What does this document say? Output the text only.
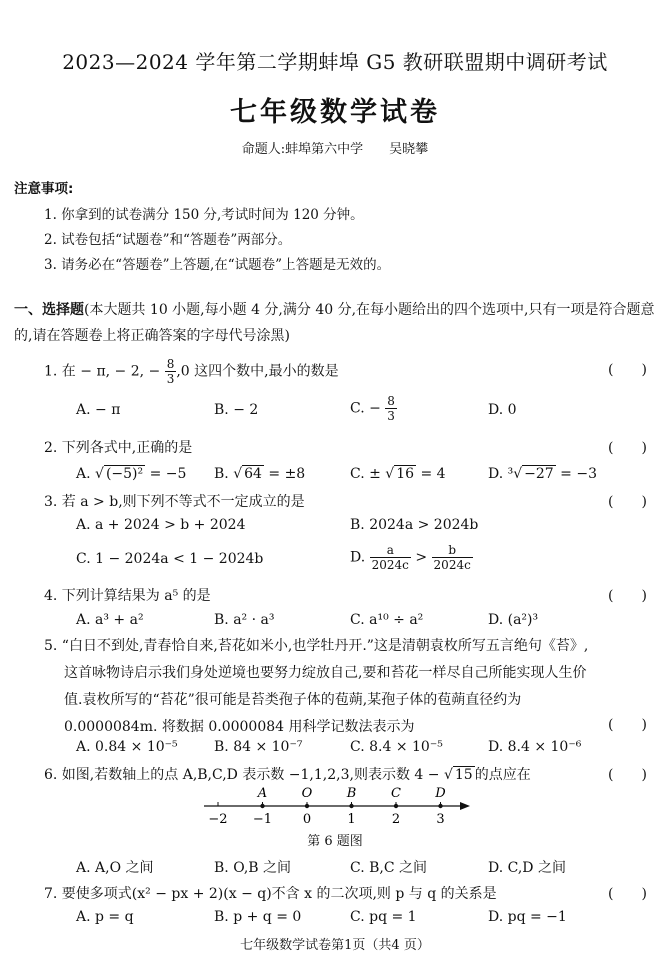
2023—2024 学年第二学期蚌埠 G5 教研联盟期中调研考试
七年级数学试卷
命题人:蚌埠第六中学　　吴晓攀
注意事项:
1. 你拿到的试卷满分 150 分,考试时间为 120 分钟。
2. 试卷包括“试题卷”和“答题卷”两部分。
3. 请务必在“答题卷”上答题,在“试题卷”上答题是无效的。
一、选择题(本大题共 10 小题,每小题 4 分,满分 40 分,在每小题给出的四个选项中,只有一项是符合题意的,请在答题卷上将正确答案的字母代号涂黑)
1. 在 − π, − 2, − $\frac{8}{3} ,0$ 这四个数中,最小的数是	(　　)
A. − π	B. − 2	C. − $\frac{8}{3}$	D. 0
2. 下列各式中,正确的是	(　　)
A. √ (−5)² = −5 B. √ 64 = ±8	C. ± √ 16 = 4	D. ³√ −27 = −3
3. 若 a > b,则下列不等式不一定成立的是	(　　)
A. a + 2024 > b + 2024	B. 2024a > 2024b
C. 1 − 2024a < 1 − 2024b	D. $\frac{a}{2024c} > \frac{b}{2024c}$
4. 下列计算结果为 a⁵ 的是	(　　)
A. a³ + a²	B. a² · a³	C. a¹⁰ ÷ a²	D. (a²)³
5. “白日不到处,青春恰自来,苔花如米小,也学牡丹开.”这是清朝袁枚所写五言绝句《苔》,
这首咏物诗启示我们身处逆境也要努力绽放自己,要和苔花一样尽自己所能实现人生价
值.袁枚所写的“苔花”很可能是苔类孢子体的苞蒴,某孢子体的苞蒴直径约为
0.0000084m. 将数据 0.0000084 用科学记数法表示为	(　　)
A. 0.84 × 10⁻⁵	B. 84 × 10⁻⁷	C. 8.4 × 10⁻⁵	D. 8.4 × 10⁻⁶
6. 如图,若数轴上的点 A,B,C,D 表示数 −1,1,2,3,则表示数 4 − √ 15 的点应在	(　　)
−2 −1 0	1	2	3
A	O	B	C	D
第 6 题图
A. A,O 之间	B. O,B 之间	C. B,C 之间	D. C,D 之间
7. 要使多项式(x² − px + 2)(x − q)不含 x 的二次项,则 p 与 q 的关系是	(　　)
A. p = q	B. p + q = 0	C. pq = 1	D. pq = −1
七年级数学试卷第1页（共4 页）
